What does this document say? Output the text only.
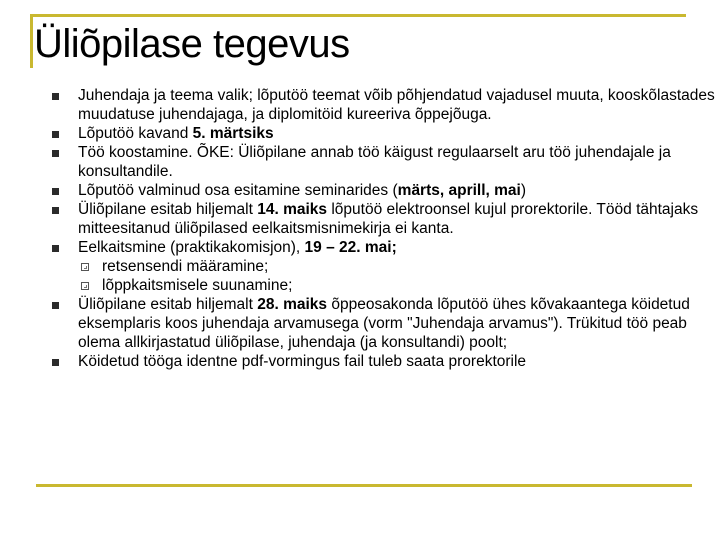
Üliõpilase tegevus
Juhendaja ja teema valik; lõputöö teemat võib põhjendatud vajadusel muuta, kooskõlastades muudatuse juhendajaga, ja diplomitöid kureeriva õppejõuga.
Lõputöö kavand 5. märtsiks
Töö koostamine. ÕKE: Üliõpilane annab töö käigust regulaarselt aru töö juhendajale ja konsultandile.
Lõputöö valminud osa esitamine seminarides (märts, aprill, mai)
Üliõpilane esitab hiljemalt 14. maiks lõputöö elektroonsel kujul prorektorile. Tööd tähtajaks mitteesitanud üliõpilased eelkaitsmisnimekirja ei kanta.
Eelkaitsmine (praktikakomisjon), 19 – 22. mai;
retsensendi määramine;
lõppkaitsmisele suunamine;
Üliõpilane esitab hiljemalt 28. maiks õppeosakonda lõputöö ühes kõvakaantega köidetud eksemplaris koos juhendaja arvamusega (vorm "Juhendaja arvamus"). Trükitud töö peab olema allkirjastatud üliõpilase, juhendaja (ja konsultandi) poolt;
Köidetud tööga identne pdf-vormingus fail tuleb saata prorektorile
